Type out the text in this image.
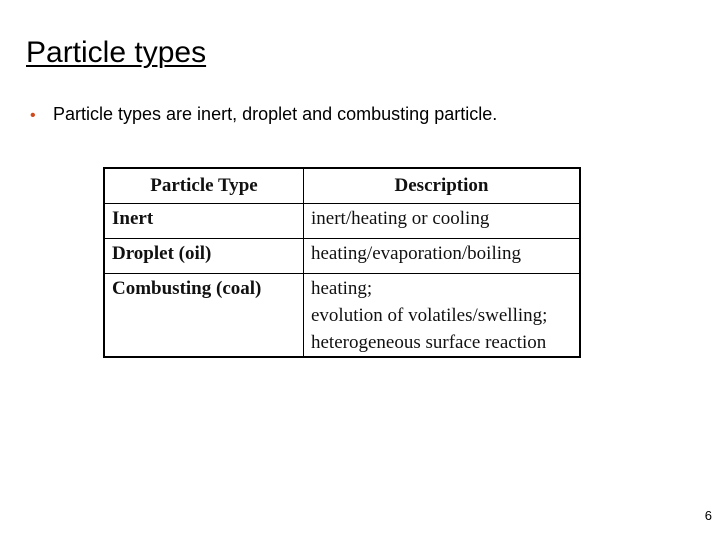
Particle types
• Particle types are inert, droplet and combusting particle.
Particle Type	Description
Inert	inert/heating or cooling

Droplet (oil)	heating/evaporation/boiling

Combusting (coal)	heating;
evolution of volatiles/swelling;
heterogeneous surface reaction
6
